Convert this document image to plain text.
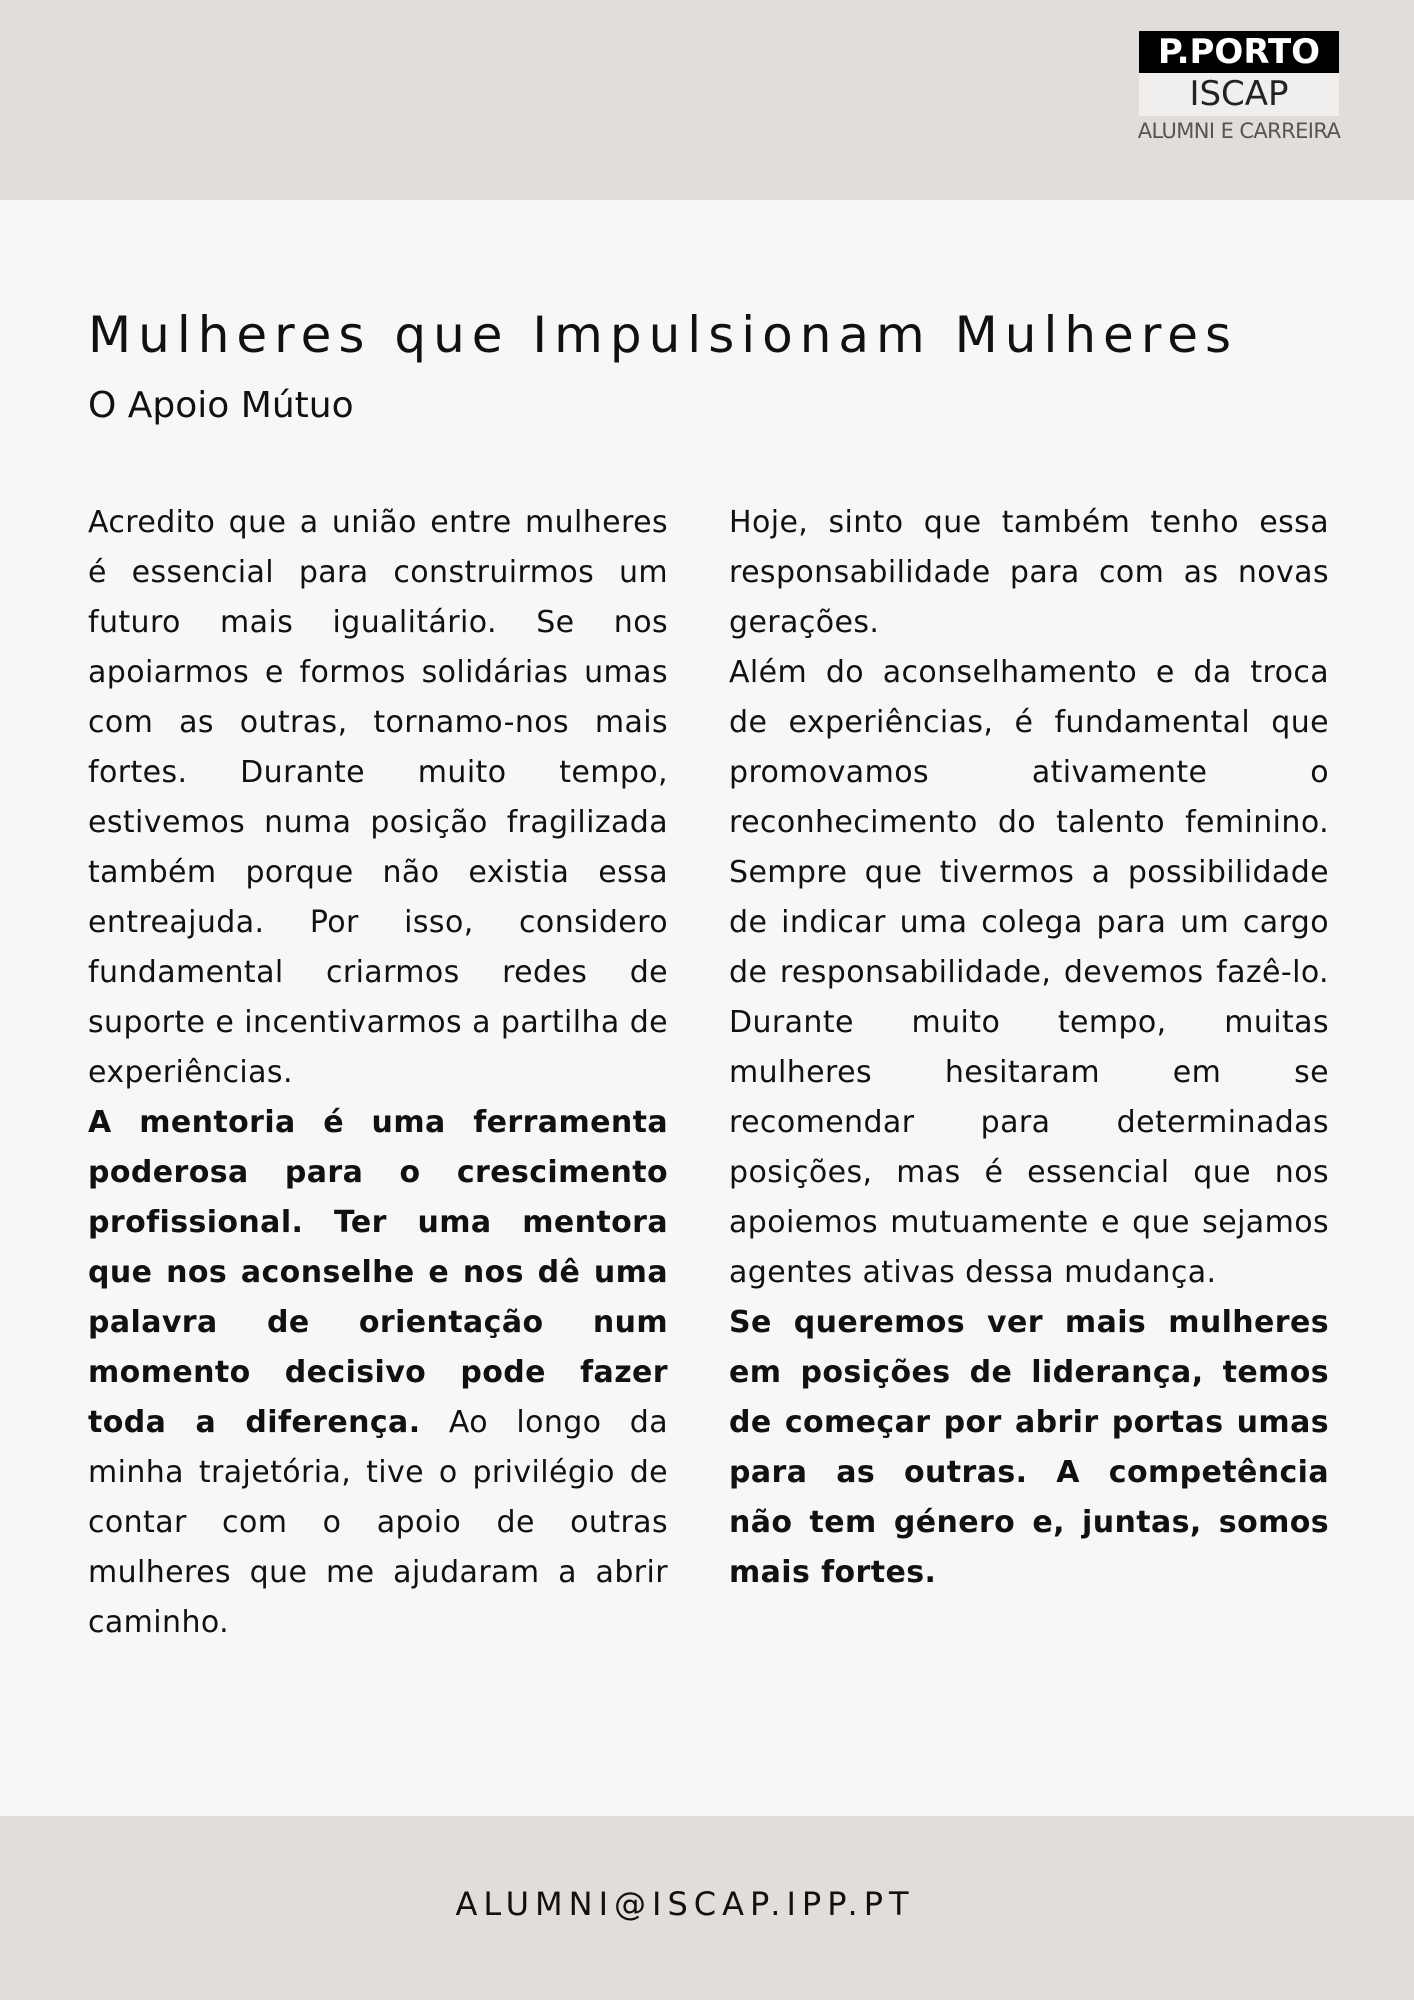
P.PORTO
ISCAP
ALUMNI E CARREIRA
Mulheres que Impulsionam Mulheres
O Apoio Mútuo

Acredito que a união entre mulheres é essencial para construirmos um futuro mais igualitário. Se nos apoiarmos e formos solidárias umas com as outras, tornamo-nos mais fortes. Durante muito tempo, estivemos numa posição fragilizada também porque não existia essa entreajuda. Por isso, considero fundamental criarmos redes de suporte e incentivarmos a partilha de experiências.

A mentoria é uma ferramenta poderosa para o crescimento profissional. Ter uma mentora que nos aconselhe e nos dê uma palavra de orientação num momento decisivo pode fazer toda a diferença. Ao longo da minha trajetória, tive o privilégio de contar com o apoio de outras mulheres que me ajudaram a abrir caminho.

Hoje, sinto que também tenho essa responsabilidade para com as novas gerações.

Além do aconselhamento e da troca de experiências, é fundamental que promovamos ativamente o reconhecimento do talento feminino. Sempre que tivermos a possibilidade de indicar uma colega para um cargo de responsabilidade, devemos fazê-lo. Durante muito tempo, muitas mulheres hesitaram em se recomendar para determinadas posições, mas é essencial que nos apoiemos mutuamente e que sejamos agentes ativas dessa mudança.

Se queremos ver mais mulheres em posições de liderança, temos de começar por abrir portas umas para as outras. A competência não tem género e, juntas, somos mais fortes.

ALUMNI@ISCAP.IPP.PT
